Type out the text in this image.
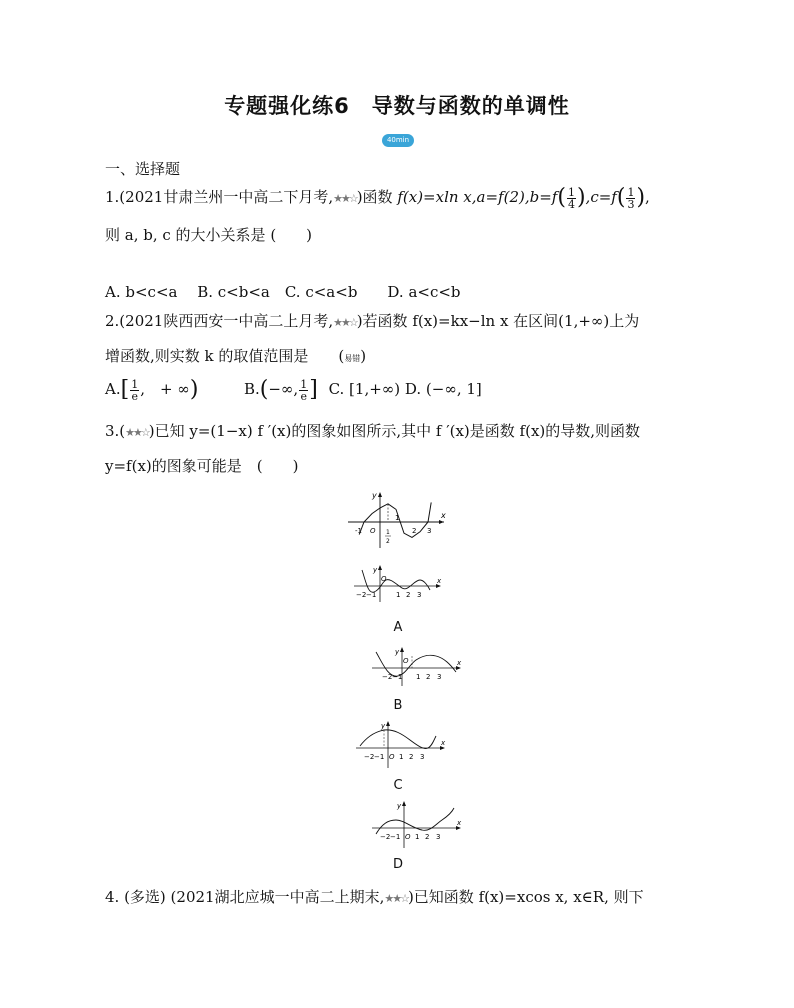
专题强化练6　导数与函数的单调性
40min
一、选择题
1.(2021甘肃兰州一中高二下月考,★★☆)函数 f(x)=xln $x,a=f(2),b=f( \frac{1}{4} ),c=f( \frac{1}{3}$ ),
则 a, b, c 的大小关系是 (　　)
A. b<c<a　 B. c<b<a　C. c<a<b　　D. a<c<b
2.(2021陕西西安一中高二上月考,★★☆)若函数 f(x)=kx−ln x 在区间(1,+∞)上为
增函数,则实数 k 的取值范围是　　(易错)
$A.[ \frac{1}{e}$ ,　+ ∞)	B.(−∞, $\frac{1}{e}$ ] C. [1,+∞) D. (−∞, 1]
3.(★★☆)已知 y=(1−x) f ′(x)的图象如图所示,其中 f ′(x)是函数 f(x)的导数,则函数
y=f(x)的图象可能是　(　　)
x
y
O
-1
1
2 3
1
2
x
y
O
−2 −1	1 2 3
A
x
y
O
−2 −1 1 2 3
B
x
y
O
−2 −1 1 2 3
C
x
y
O
−2 −1 1 2 3
D
4. (多选) (2021湖北应城一中高二上期末,★★☆)已知函数 f(x)=xcos x, x∈R, 则下
